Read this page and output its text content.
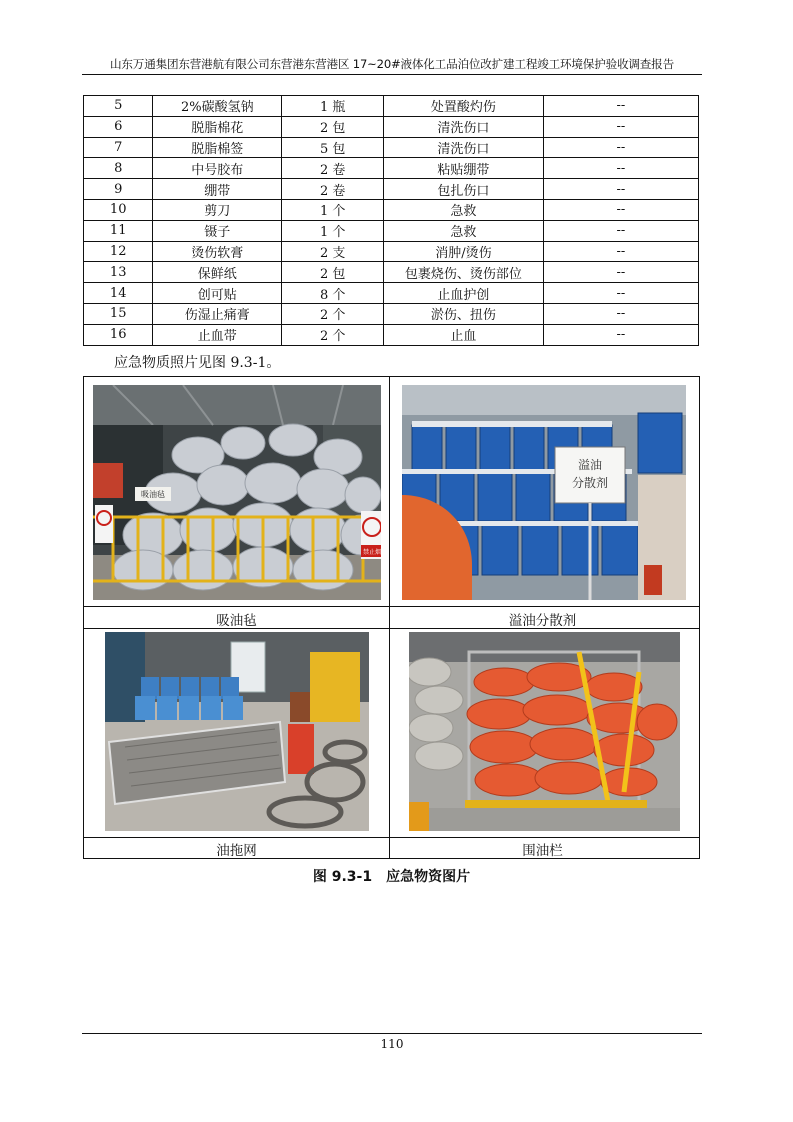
山东万通集团东营港航有限公司东营港东营港区 17~20#液体化工品泊位改扩建工程竣工环境保护验收调查报告
5	2%碳酸氢钠	1 瓶	处置酸灼伤	--
6	脱脂棉花	2 包	清洗伤口	--
7	脱脂棉签	5 包	清洗伤口	--
8	中号胶布	2 卷	粘贴绷带	--
9	绷带	2 卷	包扎伤口	--
10	剪刀	1 个	急救	--
11	镊子	1 个	急救	--
12	烫伤软膏	2 支	消肿/烫伤	--
13	保鲜纸	2 包	包裹烧伤、烫伤部位	--
14	创可贴	8 个	止血护创	--
15	伤湿止痛膏	2 个	淤伤、扭伤	--
16	止血带	2 个	止血	--
应急物质照片见图 9.3-1。
吸油毡
禁止烟
溢油
分散剂
吸油毡	溢油分散剂
油拖网	围油栏
图 9.3-1　应急物资图片
110
